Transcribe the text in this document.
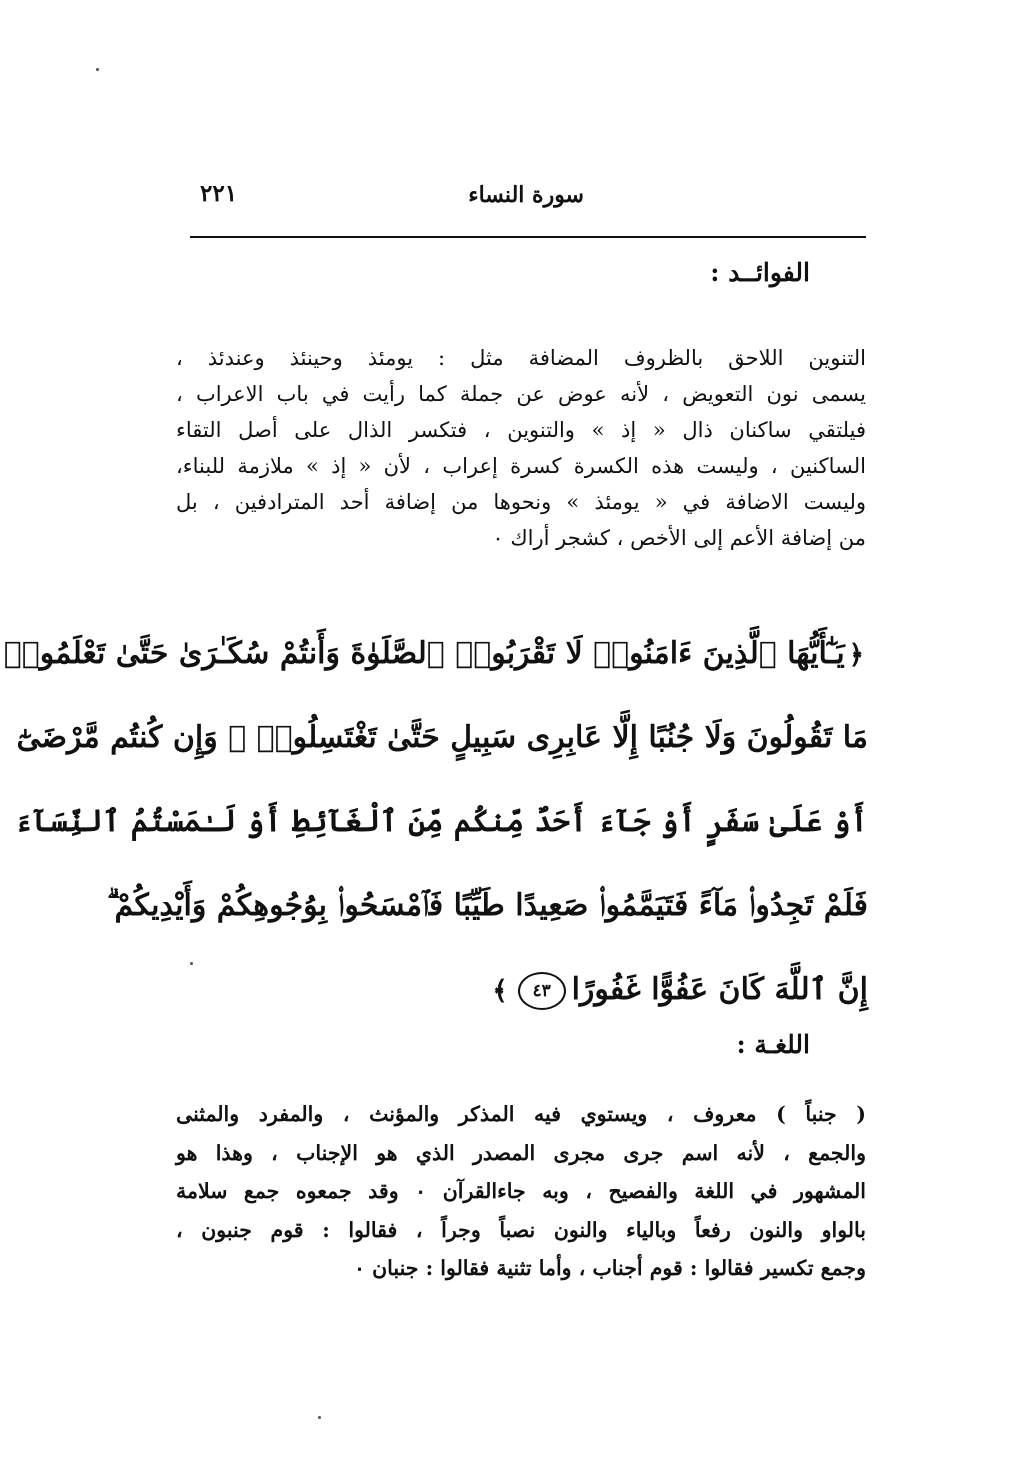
سورة النساء
٢٢١
الفوائــد :

التنوين اللاحق بالظروف المضافة مثل : يومئذ وحينئذ وعندئذ ،
يسمى نون التعويض ، لأنه عوض عن جملة كما رأيت في باب الاعراب ،
فيلتقي ساكنان ذال « إذ » والتنوين ، فتكسر الذال على أصل التقاء
الساكنين ، وليست هذه الكسرة كسرة إعراب ، لأن « إذ » ملازمة للبناء،
وليست الاضافة في « يومئذ » ونحوها من إضافة أحد المترادفين ، بل
من إضافة الأعم إلى الأخص ، كشجر أراك ٠

﴿يَـٰٓأَيُّهَا ٱلَّذِينَ ءَامَنُوا۟ لَا تَقْرَبُوا۟ ٱلصَّلَوٰةَ وَأَنتُمْ سُكَـٰرَىٰ حَتَّىٰ تَعْلَمُوا۟
مَا تَقُولُونَ وَلَا جُنُبًا إِلَّا عَابِرِى سَبِيلٍ حَتَّىٰ تَغْتَسِلُوا۟ ۚ وَإِن كُنتُم مَّرْضَىٰٓ
أَوْ عَلَىٰ سَفَرٍ أَوْ جَآءَ أَحَدٌ مِّنكُم مِّنَ ٱلْغَآئِطِ أَوْ لَـٰمَسْتُمُ ٱلنِّسَآءَ
فَلَمْ تَجِدُوا۟ مَآءً فَتَيَمَّمُوا۟ صَعِيدًا طَيِّبًا فَٱمْسَحُوا۟ بِوُجُوهِكُمْ وَأَيْدِيكُمْ ۗ
إِنَّ ٱللَّهَ كَانَ عَفُوًّا غَفُورًا٤٣﴾
اللغـة :

( جنباً ) معروف ، ويستوي فيه المذكر والمؤنث ، والمفرد والمثنى
والجمع ، لأنه اسم جرى مجرى المصدر الذي هو الإجناب ، وهذا هو
المشهور في اللغة والفصيح ، وبه جاءالقرآن ٠ وقد جمعوه جمع سلامة
بالواو والنون رفعاً وبالياء والنون نصباً وجراً ، فقالوا : قوم جنبون ،
وجمع تكسير فقالوا : قوم أجناب ، وأما تثنية فقالوا : جنبان ٠
